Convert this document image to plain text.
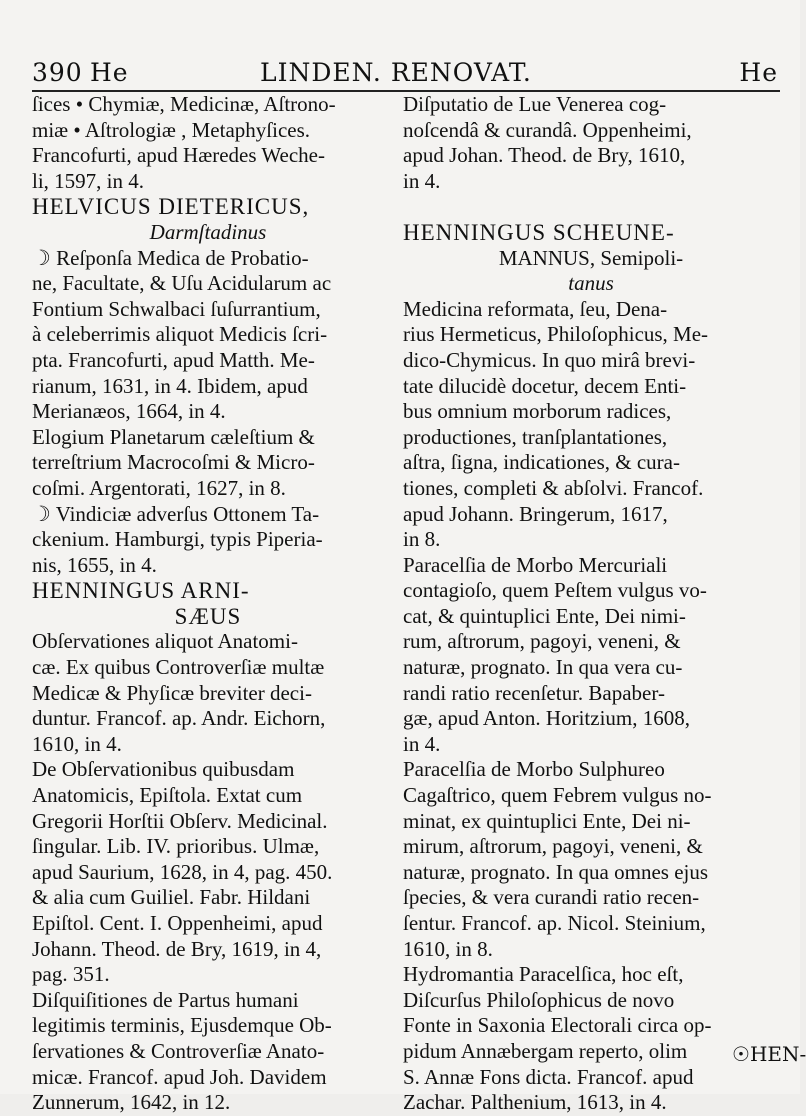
390 He	LINDEN. RENOVAT.	He
ſices • Chymiæ, Medicinæ, Aſtrono-
miæ • Aſtrologiæ , Metaphyſices.
Francofurti, apud Hæredes Weche-
li, 1597, in 4.
HELVICUS DIETERICUS,
Darmſtadinus
☽ Reſponſa Medica de Probatio-
ne, Facultate, & Uſu Acidularum ac
Fontium Schwalbaci ſuſurrantium,
à celeberrimis aliquot Medicis ſcri-
pta. Francofurti, apud Matth. Me-
rianum, 1631, in 4. Ibidem, apud
Merianæos, 1664, in 4.
Elogium Planetarum cæleſtium &
terreſtrium Macrocoſmi & Micro-
coſmi. Argentorati, 1627, in 8.
☽ Vindiciæ adverſus Ottonem Ta-
ckenium. Hamburgi, typis Piperia-
nis, 1655, in 4.
HENNINGUS ARNI-
SÆUS
Obſervationes aliquot Anatomi-
cæ. Ex quibus Controverſiæ multæ
Medicæ & Phyſicæ breviter deci-
duntur. Francof. ap. Andr. Eichorn,
1610, in 4.
De Obſervationibus quibusdam
Anatomicis, Epiſtola. Extat cum
Gregorii Horſtii Obſerv. Medicinal.
ſingular. Lib. IV. prioribus. Ulmæ,
apud Saurium, 1628, in 4, pag. 450.
& alia cum Guiliel. Fabr. Hildani
Epiſtol. Cent. I. Oppenheimi, apud
Johann. Theod. de Bry, 1619, in 4,
pag. 351.
Diſquiſitiones de Partus humani
legitimis terminis, Ejusdemque Ob-
ſervationes & Controverſiæ Anato-
micæ. Francof. apud Joh. Davidem
Zunnerum, 1642, in 12.
Diſputatio de Lue Venerea cog-
noſcendâ & curandâ. Oppenheimi,
apud Johan. Theod. de Bry, 1610,
in 4.
HENNINGUS SCHEUNE-
MANNUS, Semipoli-
tanus
Medicina reformata, ſeu, Dena-
rius Hermeticus, Philoſophicus, Me-
dico-Chymicus. In quo mirâ brevi-
tate dilucidè docetur, decem Enti-
bus omnium morborum radices,
productiones, tranſplantationes,
aſtra, ſigna, indicationes, & cura-
tiones, completi & abſolvi. Francof.
apud Johann. Bringerum, 1617,
in 8.
Paracelſia de Morbo Mercuriali
contagioſo, quem Peſtem vulgus vo-
cat, & quintuplici Ente, Dei nimi-
rum, aſtrorum, pagoyi, veneni, &
naturæ, prognato. In qua vera cu-
randi ratio recenſetur. Bapaber-
gæ, apud Anton. Horitzium, 1608,
in 4.
Paracelſia de Morbo Sulphureo
Cagaſtrico, quem Febrem vulgus no-
minat, ex quintuplici Ente, Dei ni-
mirum, aſtrorum, pagoyi, veneni, &
naturæ, prognato. In qua omnes ejus
ſpecies, & vera curandi ratio recen-
ſentur. Francof. ap. Nicol. Steinium,
1610, in 8.
Hydromantia Paracelſica, hoc eſt,
Diſcurſus Philoſophicus de novo
Fonte in Saxonia Electorali circa op-
pidum Annæbergam reperto, olim
S. Annæ Fons dicta. Francof. apud
Zachar. Palthenium, 1613, in 4.
☉HEN-
